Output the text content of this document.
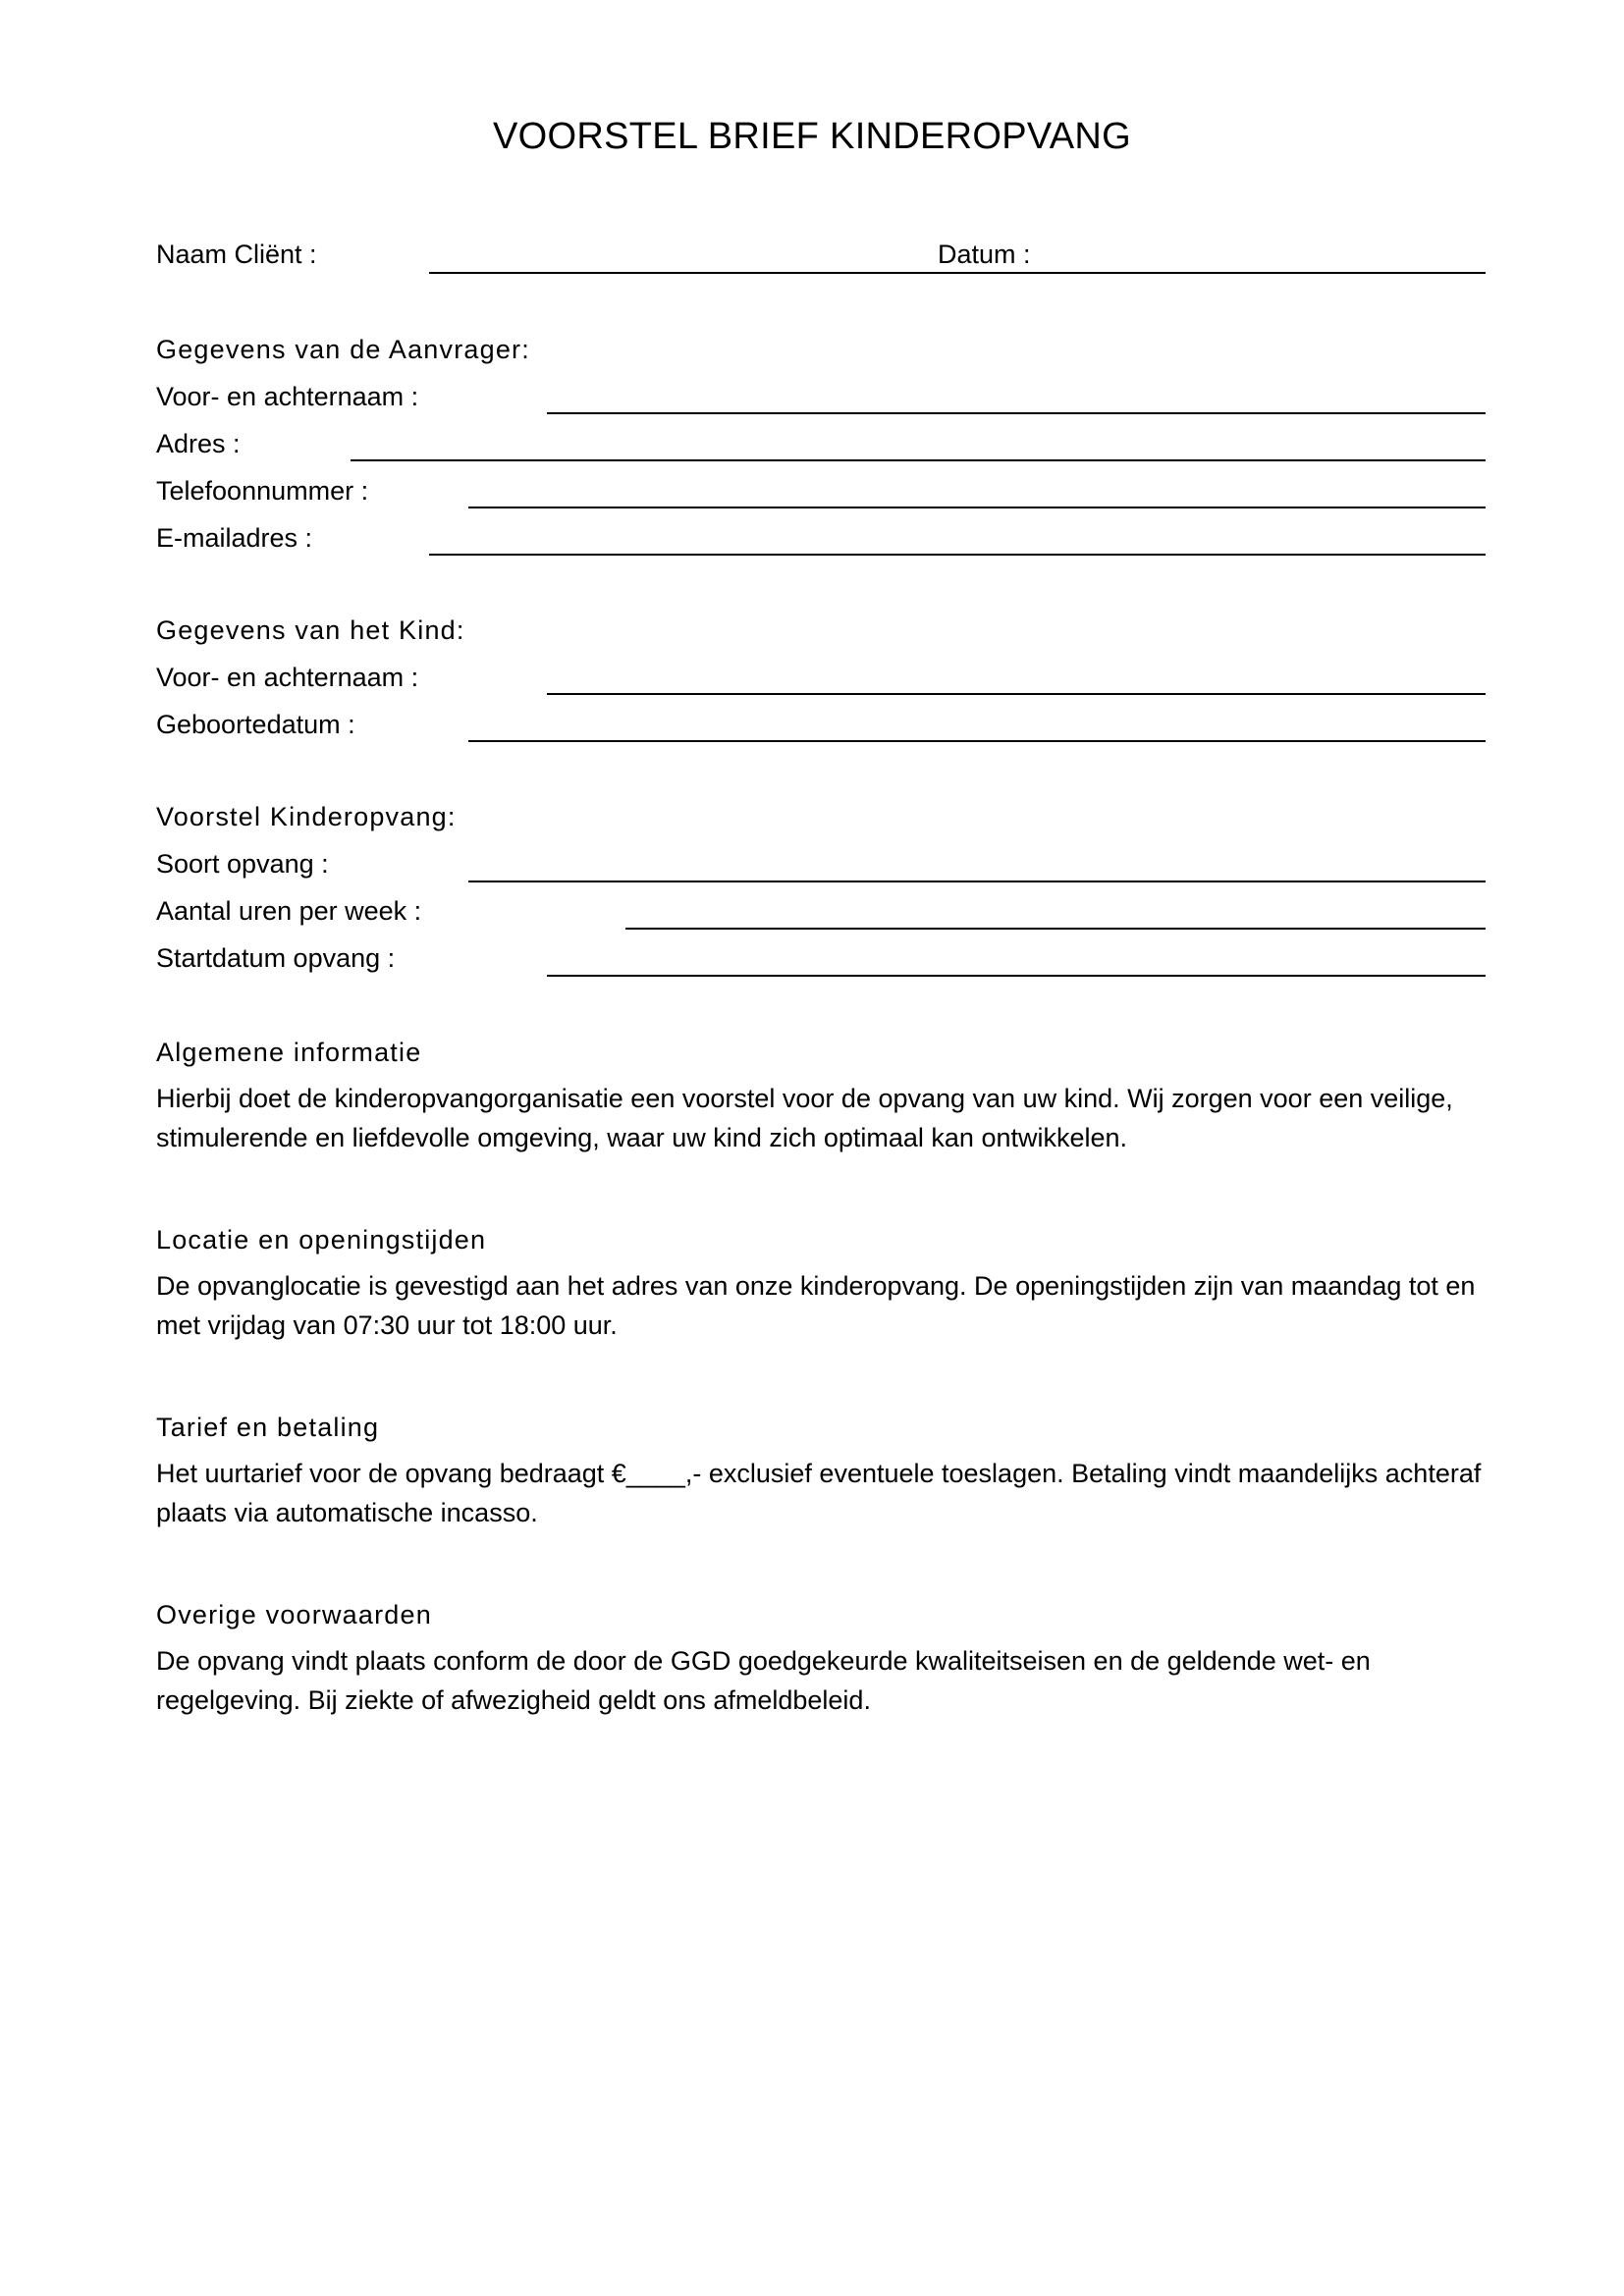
VOORSTEL BRIEF KINDEROPVANG
Naam Cliënt :	Datum :
Gegevens van de Aanvrager:
Voor- en achternaam :
Adres :
Telefoonnummer :
E-mailadres :
Gegevens van het Kind:
Voor- en achternaam :
Geboortedatum :
Voorstel Kinderopvang:
Soort opvang :
Aantal uren per week :
Startdatum opvang :
Algemene informatie
Hierbij doet de kinderopvangorganisatie een voorstel voor de opvang van uw kind. Wij zorgen voor een veilige, stimulerende en liefdevolle omgeving, waar uw kind zich optimaal kan ontwikkelen.
Locatie en openingstijden
De opvanglocatie is gevestigd aan het adres van onze kinderopvang. De openingstijden zijn van maandag tot en met vrijdag van 07:30 uur tot 18:00 uur.
Tarief en betaling
Het uurtarief voor de opvang bedraagt €____,- exclusief eventuele toeslagen. Betaling vindt maandelijks achteraf plaats via automatische incasso.
Overige voorwaarden
De opvang vindt plaats conform de door de GGD goedgekeurde kwaliteitseisen en de geldende wet- en regelgeving. Bij ziekte of afwezigheid geldt ons afmeldbeleid.
